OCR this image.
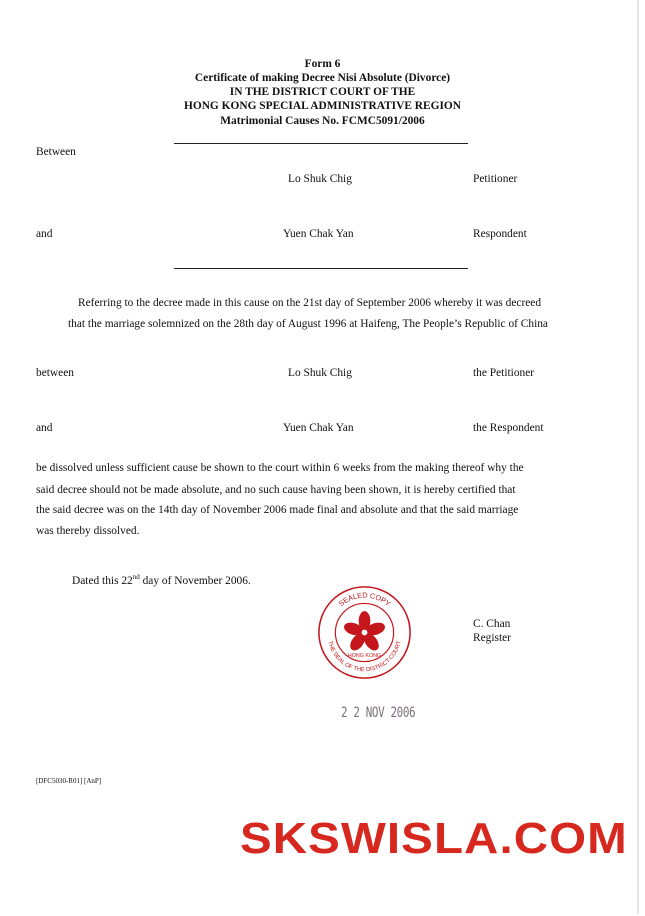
Form 6
Certificate of making Decree Nisi Absolute (Divorce)
IN THE DISTRICT COURT OF THE
HONG KONG SPECIAL ADMINISTRATIVE REGION
Matrimonial Causes No. FCMC5091/2006
Between
Lo Shuk Chig	Petitioner
and	Yuen Chak Yan	Respondent
Referring to the decree made in this cause on the 21st day of September 2006 whereby it was decreed
that the marriage solemnized on the 28th day of August 1996 at Haifeng, The People’s Republic of China
between	Lo Shuk Chig	the Petitioner
and	Yuen Chak Yan	the Respondent
be dissolved unless sufficient cause be shown to the court within 6 weeks from the making thereof why the
said decree should not be made absolute, and no such cause having been shown, it is hereby certified that
the said decree was on the 14th day of November 2006 made final and absolute and that the said marriage
was thereby dissolved.
Dated this 22nd day of November 2006.
C. Chan
Register
SEALED COPY
THE SEAL OF THE DISTRICT COURT
HONG KONG
2 2 NOV 2006
[DFC5030-R01] [AnP]
SKSWISLA.COM
